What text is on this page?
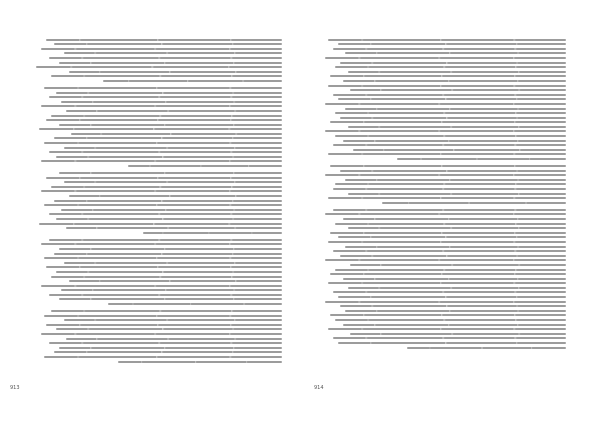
913	914
